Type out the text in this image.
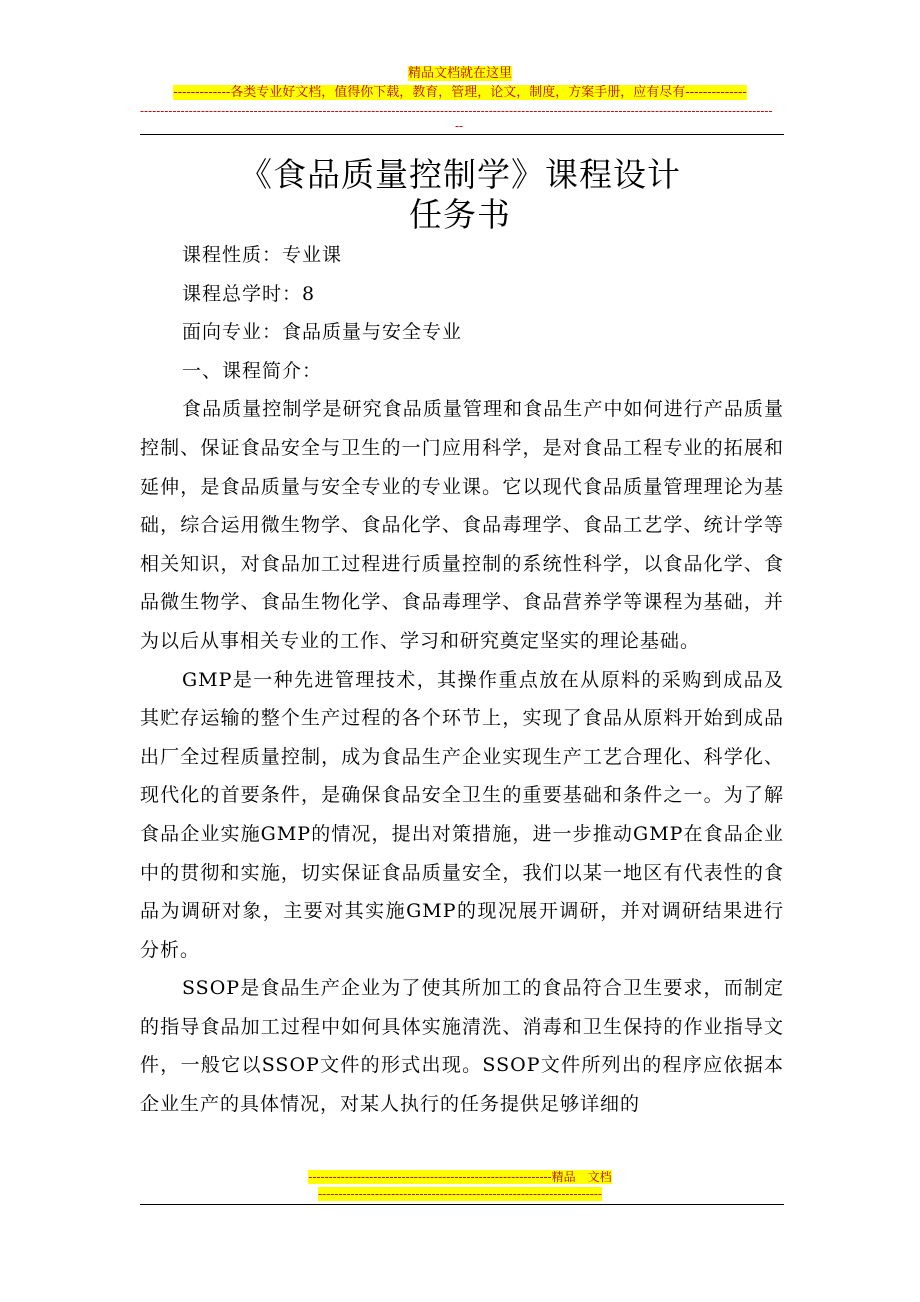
精品文档就在这里
-------------各类专业好文档，值得你下载，教育，管理，论文，制度，方案手册，应有尽有--------------
------------------------------------------------------------------------------------------------------------------------------------------------------------
--
《食品质量控制学》课程设计
任务书

课程性质：专业课

课程总学时：8

面向专业：食品质量与安全专业

一、课程简介：

食品质量控制学是研究食品质量管理和食品生产中如何进行产品质量控制、保证食品安全与卫生的一门应用科学，是对食品工程专业的拓展和延伸，是食品质量与安全专业的专业课。它以现代食品质量管理理论为基础，综合运用微生物学、食品化学、食品毒理学、食品工艺学、统计学等相关知识，对食品加工过程进行质量控制的系统性科学，以食品化学、食品微生物学、食品生物化学、食品毒理学、食品营养学等课程为基础，并为以后从事相关专业的工作、学习和研究奠定坚实的理论基础。

GMP是一种先进管理技术，其操作重点放在从原料的采购到成品及其贮存运输的整个生产过程的各个环节上，实现了食品从原料开始到成品出厂全过程质量控制，成为食品生产企业实现生产工艺合理化、科学化、现代化的首要条件，是确保食品安全卫生的重要基础和条件之一。为了解食品企业实施GMP的情况，提出对策措施，进一步推动GMP在食品企业中的贯彻和实施，切实保证食品质量安全，我们以某一地区有代表性的食品为调研对象，主要对其实施GMP的现况展开调研，并对调研结果进行分析。

SSOP是食品生产企业为了使其所加工的食品符合卫生要求，而制定的指导食品加工过程中如何具体实施清洗、消毒和卫生保持的作业指导文件，一般它以SSOP文件的形式出现。SSOP文件所列出的程序应依据本企业生产的具体情况，对某人执行的任务提供足够详细的

------------------------------------------------------------精品　文档
----------------------------------------------------------------------
